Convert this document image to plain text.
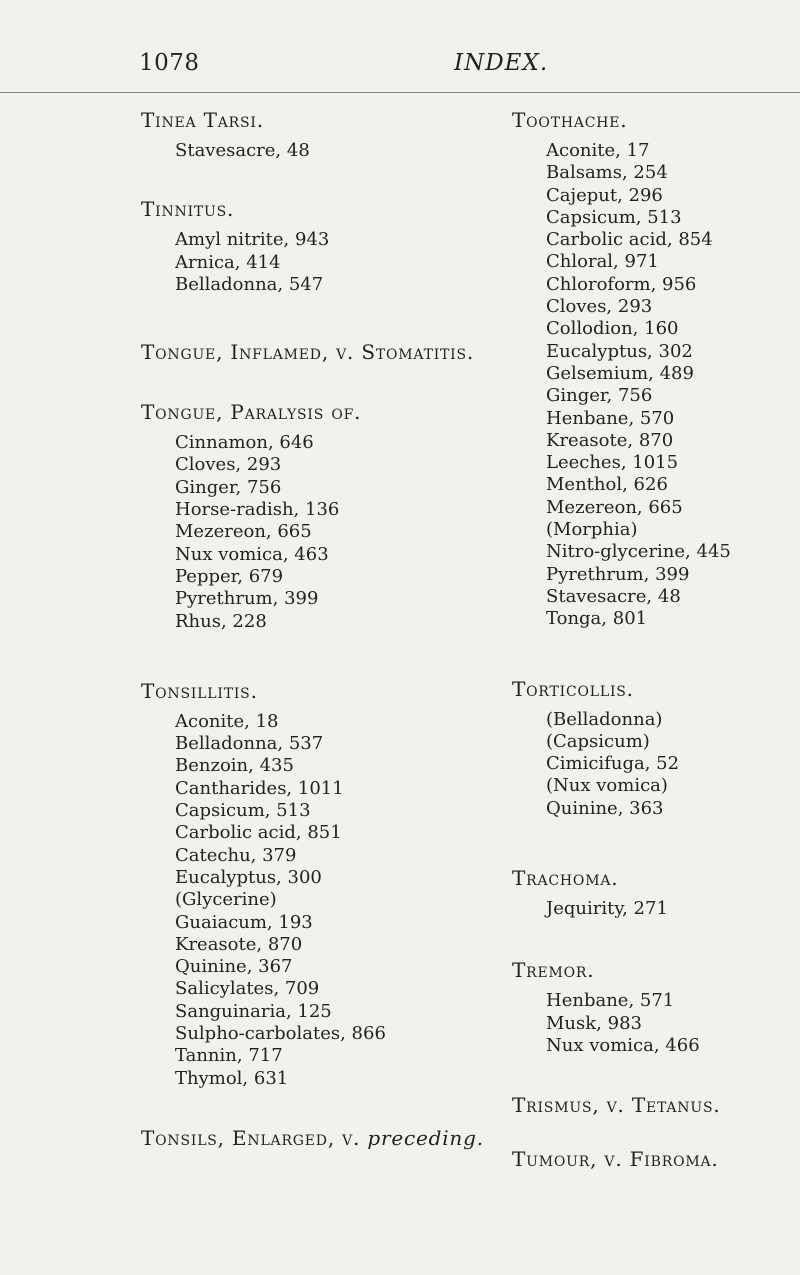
1078	INDEX.
Tinea Tarsi.
Stavesacre, 48
Tinnitus.
Amyl nitrite, 943
Arnica, 414
Belladonna, 547
Tongue, Inflamed, v. Stomatitis.
Tongue, Paralysis of.
Cinnamon, 646
Cloves, 293
Ginger, 756
Horse-radish, 136
Mezereon, 665
Nux vomica, 463
Pepper, 679
Pyrethrum, 399
Rhus, 228
Tonsillitis.
Aconite, 18
Belladonna, 537
Benzoin, 435
Cantharides, 1011
Capsicum, 513
Carbolic acid, 851
Catechu, 379
Eucalyptus, 300
(Glycerine)
Guaiacum, 193
Kreasote, 870
Quinine, 367
Salicylates, 709
Sanguinaria, 125
Sulpho-carbolates, 866
Tannin, 717
Thymol, 631
Tonsils, Enlarged, v. preceding.
Toothache.
Aconite, 17
Balsams, 254
Cajeput, 296
Capsicum, 513
Carbolic acid, 854
Chloral, 971
Chloroform, 956
Cloves, 293
Collodion, 160
Eucalyptus, 302
Gelsemium, 489
Ginger, 756
Henbane, 570
Kreasote, 870
Leeches, 1015
Menthol, 626
Mezereon, 665
(Morphia)
Nitro-glycerine, 445
Pyrethrum, 399
Stavesacre, 48
Tonga, 801
Torticollis.
(Belladonna)
(Capsicum)
Cimicifuga, 52
(Nux vomica)
Quinine, 363
Trachoma.
Jequirity, 271
Tremor.
Henbane, 571
Musk, 983
Nux vomica, 466
Trismus, v. Tetanus.
Tumour, v. Fibroma.
